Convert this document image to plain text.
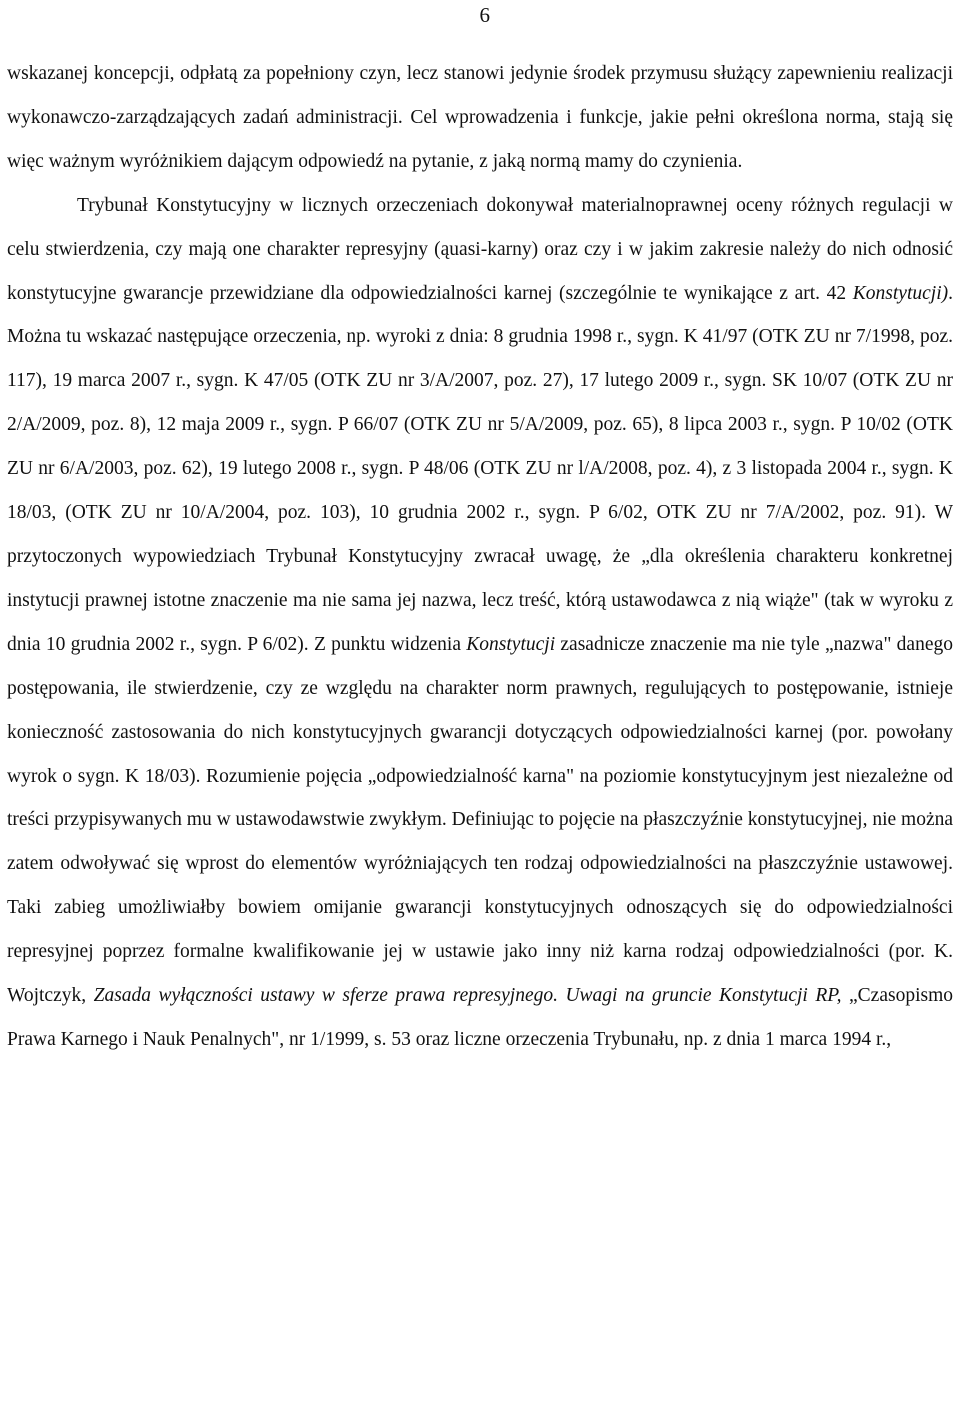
6

wskazanej koncepcji, odpłatą za popełniony czyn, lecz stanowi jedynie środek przymusu służący zapewnieniu realizacji wykonawczo-zarządzających zadań administracji. Cel wprowadzenia i funkcje, jakie pełni określona norma, stają się więc ważnym wyróżnikiem dającym odpowiedź na pytanie, z jaką normą mamy do czynienia.

Trybunał Konstytucyjny w licznych orzeczeniach dokonywał materialnoprawnej oceny różnych regulacji w celu stwierdzenia, czy mają one charakter represyjny (ąuasi-karny) oraz czy i w jakim zakresie należy do nich odnosić konstytucyjne gwarancje przewidziane dla odpowiedzialności karnej (szczególnie te wynikające z art. 42 Konstytucji). Można tu wskazać następujące orzeczenia, np. wyroki z dnia: 8 grudnia 1998 r., sygn. K 41/97 (OTK ZU nr 7/1998, poz. 117), 19 marca 2007 r., sygn. K 47/05 (OTK ZU nr 3/A/2007, poz. 27), 17 lutego 2009 r., sygn. SK 10/07 (OTK ZU nr 2/A/2009, poz. 8), 12 maja 2009 r., sygn. P 66/07 (OTK ZU nr 5/A/2009, poz. 65), 8 lipca 2003 r., sygn. P 10/02 (OTK ZU nr 6/A/2003, poz. 62), 19 lutego 2008 r., sygn. P 48/06 (OTK ZU nr l/A/2008, poz. 4), z 3 listopada 2004 r., sygn. K 18/03, (OTK ZU nr 10/A/2004, poz. 103), 10 grudnia 2002 r., sygn. P 6/02, OTK ZU nr 7/A/2002, poz. 91). W przytoczonych wypowiedziach Trybunał Konstytucyjny zwracał uwagę, że „dla określenia charakteru konkretnej instytucji prawnej istotne znaczenie ma nie sama jej nazwa, lecz treść, którą ustawodawca z nią wiąże" (tak w wyroku z dnia 10 grudnia 2002 r., sygn. P 6/02). Z punktu widzenia Konstytucji zasadnicze znaczenie ma nie tyle „nazwa" danego postępowania, ile stwierdzenie, czy ze względu na charakter norm prawnych, regulujących to postępowanie, istnieje konieczność zastosowania do nich konstytucyjnych gwarancji dotyczących odpowiedzialności karnej (por. powołany wyrok o sygn. K 18/03). Rozumienie pojęcia „odpowiedzialność karna" na poziomie konstytucyjnym jest niezależne od treści przypisywanych mu w ustawodawstwie zwykłym. Definiując to pojęcie na płaszczyźnie konstytucyjnej, nie można zatem odwoływać się wprost do elementów wyróżniających ten rodzaj odpowiedzialności na płaszczyźnie ustawowej. Taki zabieg umożliwiałby bowiem omijanie gwarancji konstytucyjnych odnoszących się do odpowiedzialności represyjnej poprzez formalne kwalifikowanie jej w ustawie jako inny niż karna rodzaj odpowiedzialności (por. K. Wojtczyk, Zasada wyłączności ustawy w sferze prawa represyjnego. Uwagi na gruncie Konstytucji RP, „Czasopismo Prawa Karnego i Nauk Penalnych", nr 1/1999, s. 53 oraz liczne orzeczenia Trybunału, np. z dnia 1 marca 1994 r.,
